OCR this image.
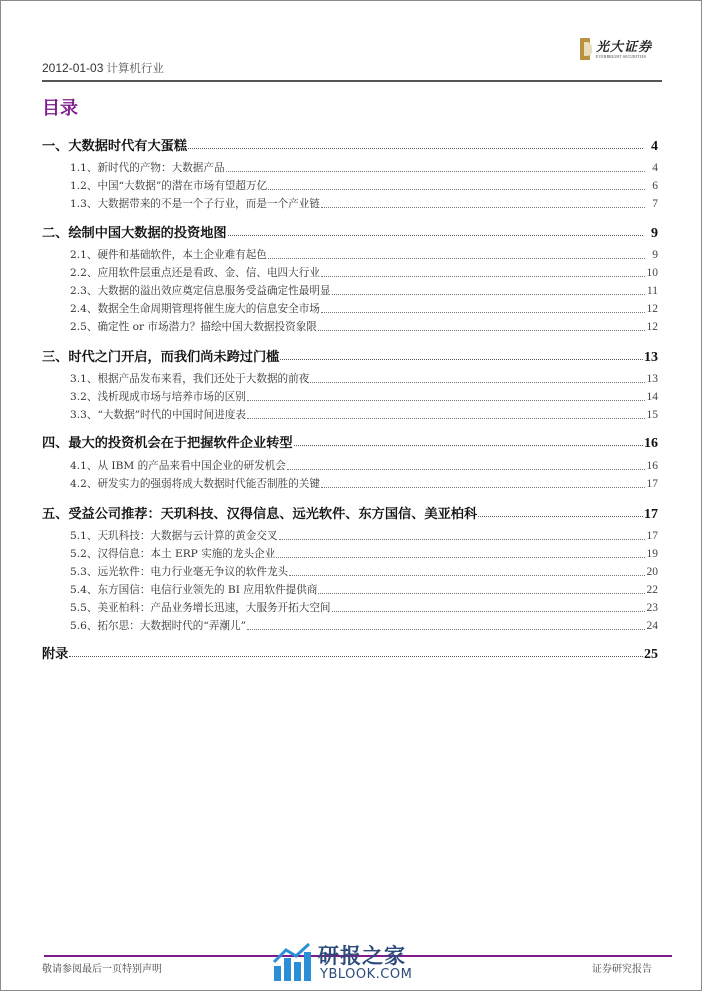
2012-01-03 计算机行业
光大证券
EVERBRIGHT SECURITIES
目录
一、大数据时代有大蛋糕	4
1.1、新时代的产物：大数据产品	4
1.2、中国“大数据”的潜在市场有望超万亿	6
1.3、大数据带来的不是一个子行业，而是一个产业链	7
二、绘制中国大数据的投资地图	9
2.1、硬件和基础软件，本土企业难有起色	9
2.2、应用软件层重点还是看政、金、信、电四大行业	10
2.3、大数据的溢出效应奠定信息服务受益确定性最明显	11
2.4、数据全生命周期管理将催生庞大的信息安全市场	12
2.5、确定性 or 市场潜力？描绘中国大数据投资象限	12
三、时代之门开启，而我们尚未跨过门槛	13
3.1、根据产品发布来看，我们还处于大数据的前夜	13
3.2、浅析现成市场与培养市场的区别	14
3.3、“大数据”时代的中国时间进度表	15
四、最大的投资机会在于把握软件企业转型	16
4.1、从 IBM 的产品来看中国企业的研发机会	16
4.2、研发实力的强弱将成大数据时代能否制胜的关键	17
五、受益公司推荐：天玑科技、汉得信息、远光软件、东方国信、美亚柏科	17
5.1、天玑科技：大数据与云计算的黄金交叉	17
5.2、汉得信息：本土 ERP 实施的龙头企业	19
5.3、远光软件：电力行业毫无争议的软件龙头	20
5.4、东方国信：电信行业领先的 BI 应用软件提供商	22
5.5、美亚柏科：产品业务增长迅速，大服务开拓大空间	23
5.6、拓尔思：大数据时代的“弄潮儿”	24
附录	25
敬请参阅最后一页特别声明	证券研究报告
研报之家
YBLOOK.COM
